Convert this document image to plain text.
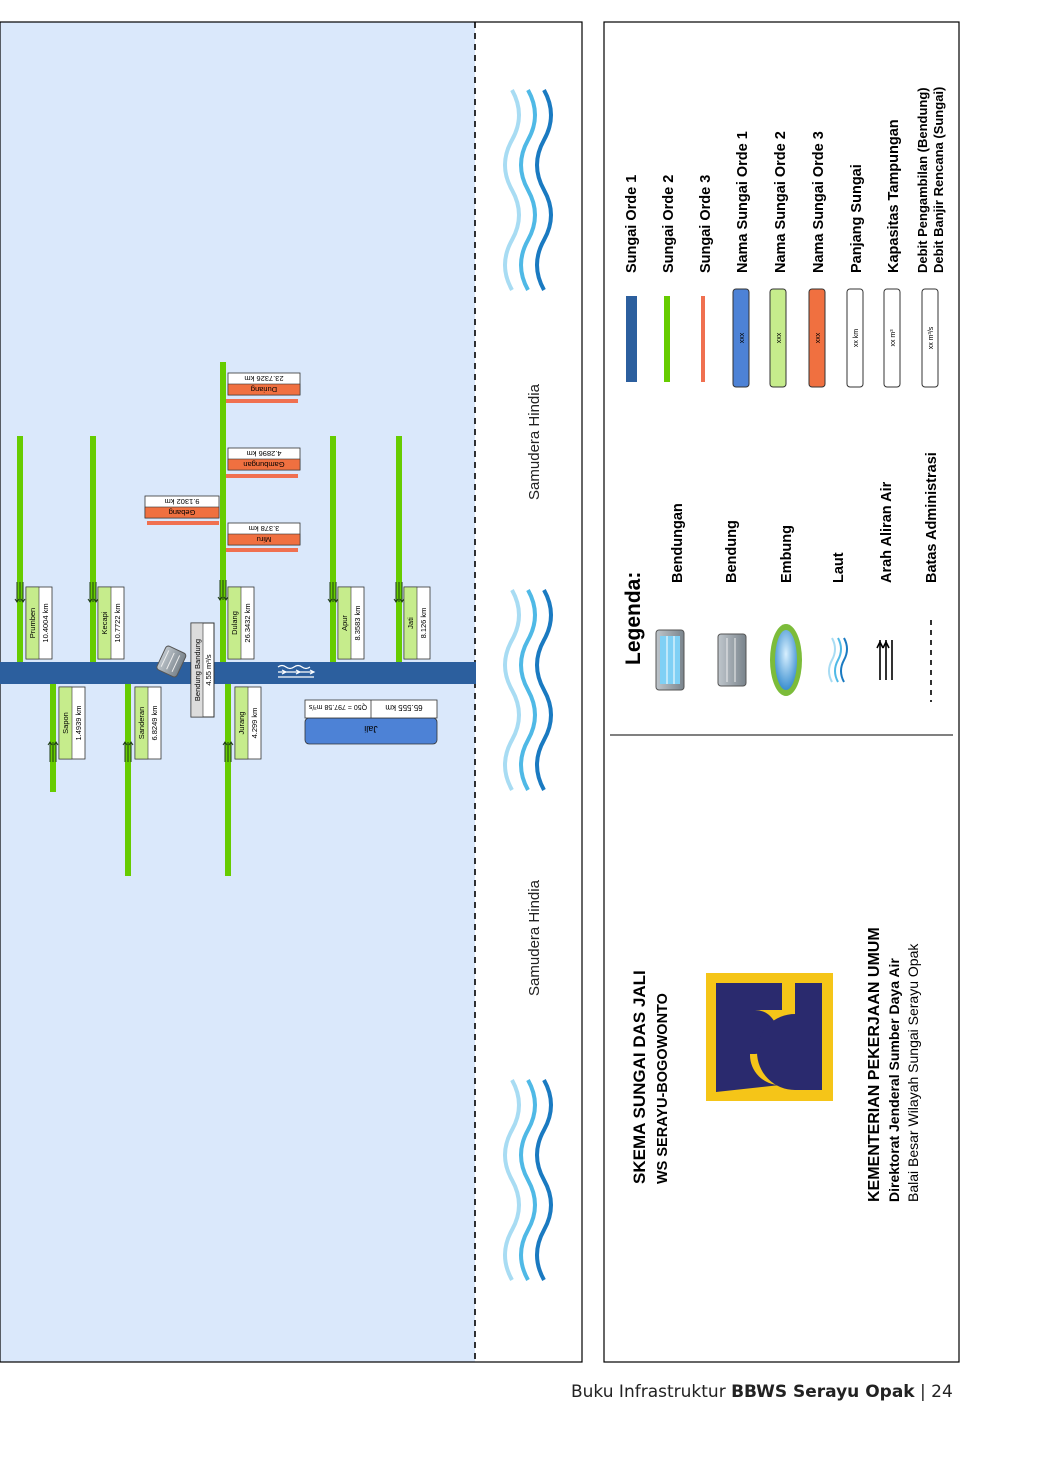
Samudera Hindia
Samudera Hindia
Bendung Bandung 4.55 m³/s
Prumben 10.4004 km	Kecapi 10.7722 km	Dulang 26.3432 km	Apur 8.3583 km	Jati 8.126 km
Sapon 1.4939 km	Sanderan 6.8249 km	Jurang 4.299 km
Gebang
9.1302 km
Miru
3.378 km
Gambungan
4.2896 km
Duriang
23.7326 km
Jali
65.555 km
Q50 = 797.58 m³/s
Legenda:
Bendungan	Bendung	Embung Laut Arah Aliran Air Batas Administrasi
xxx	xxx	xxx	xx km	xx m³	xx m³/s
Sungai Orde 1 Sungai Orde 2 Sungai Orde 3 Nama Sungai Orde 1 Nama Sungai Orde 2 Nama Sungai Orde 3 Panjang Sungai Kapasitas Tampungan Debit Pengambilan (Bendung) Debit Banjir Rencana (Sungai)
SKEMA SUNGAI DAS JALI WS SERAYU-BOGOWONTO	KEMENTERIAN PEKERJAAN UMUM Direktorat Jenderal Sumber Daya Air Balai Besar Wilayah Sungai Serayu Opak
Buku Infrastruktur BBWS Serayu Opak | 24
